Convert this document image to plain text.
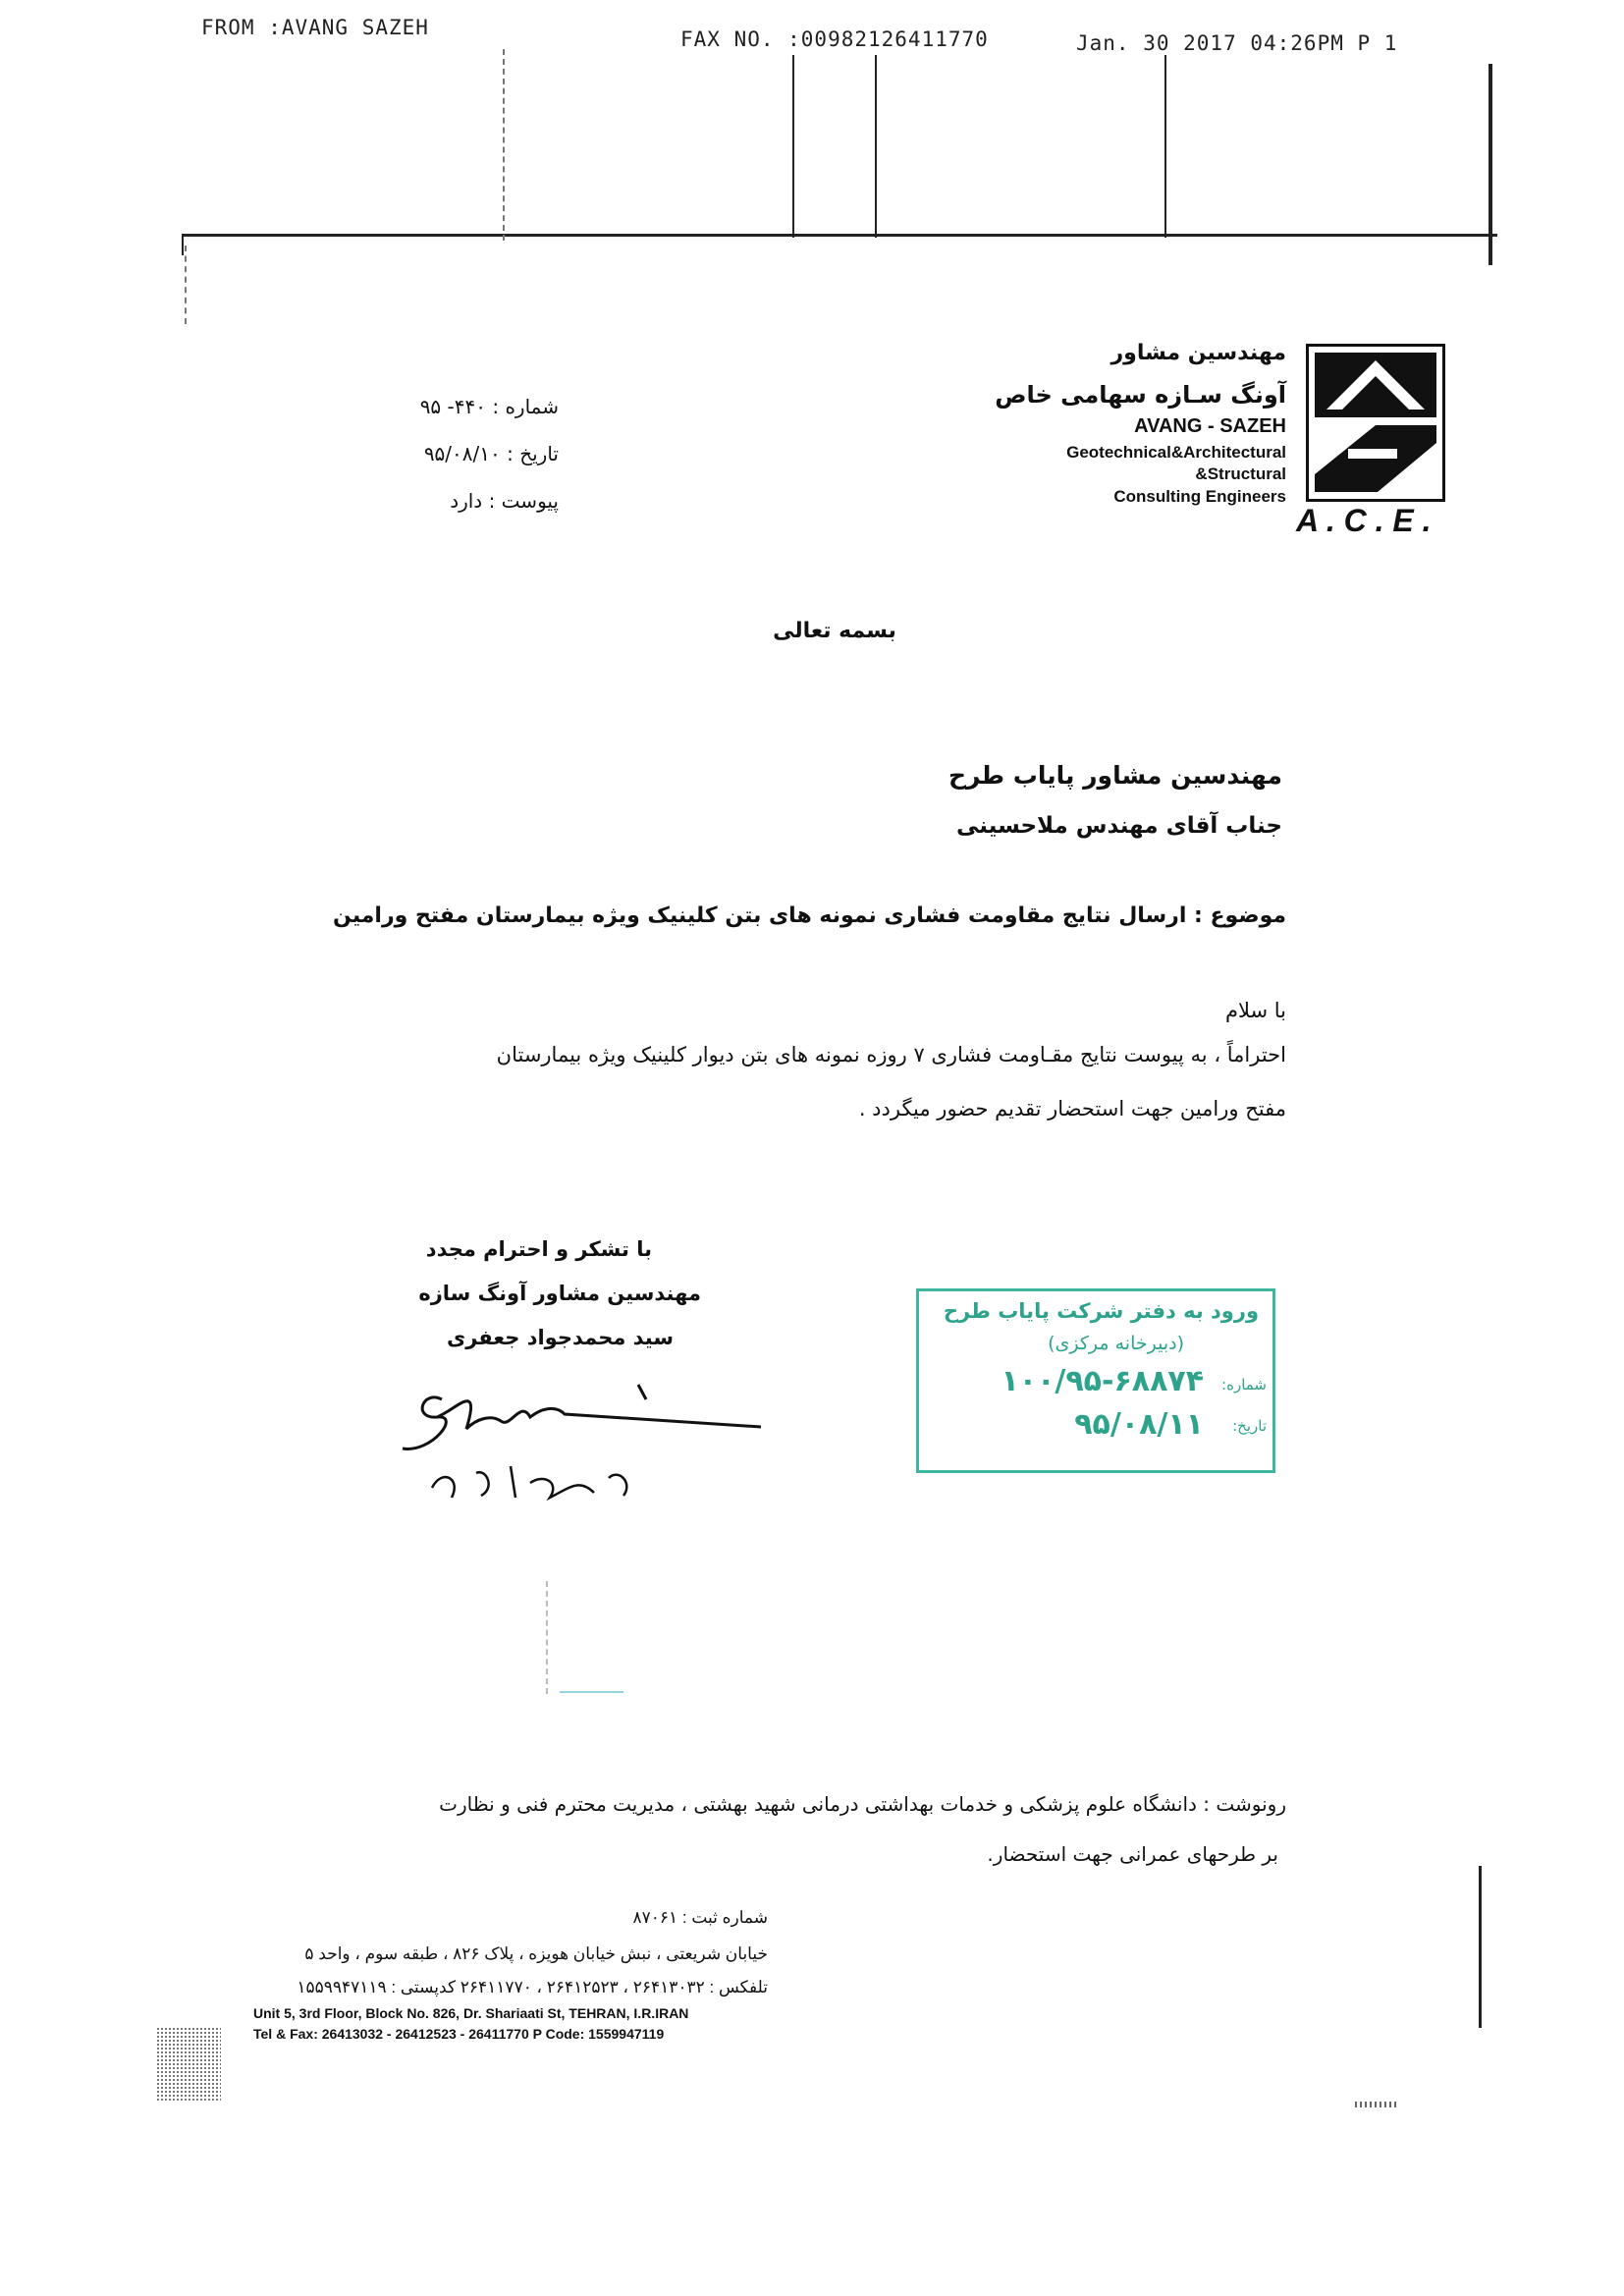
FROM :AVANG SAZEH	FAX NO. :00982126411770	Jan. 30 2017 04:26PM P 1
مهندسین مشاور
آونگ سـازه سهامی خاص
AVANG - SAZEH
Geotechnical&Architectural
&Structural
Consulting Engineers
A . C . E .
شماره : ۴۴۰- ۹۵
تاریخ : ۹۵/۰۸/۱۰
پیوست : دارد
بسمه تعالی
مهندسین مشاور پایاب طرح
جناب آقای مهندس ملاحسینی
موضوع : ارسال نتایج مقاومت فشاری نمونه های بتن کلینیک ویژه بیمارستان مفتح ورامین
با سلام
احتراماً ، به پیوست نتایج مقـاومت فشاری ۷ روزه نمونه های بتن دیوار کلینیک ویژه بیمارستان
مفتح ورامین جهت استحضار تقدیم حضور میگردد .
با تشکر و احترام مجدد
مهندسین مشاور آونگ سازه
سید محمدجواد جعفری
ورود به دفتر شرکت پایاب طرح
(دبیرخانه مرکزی)
شماره:
۱۰۰/۹۵-۶۸۸۷۴
تاریخ:
۹۵/۰۸/۱۱
رونوشت : دانشگاه علوم پزشکی و خدمات بهداشتی درمانی شهید بهشتی ، مدیریت محترم فنی و نظارت
بر طرحهای عمرانی جهت استحضار.
شماره ثبت : ۸۷۰۶۱
خیابان شریعتی ، نبش خیابان هویزه ، پلاک ۸۲۶ ، طبقه سوم ، واحد ۵
تلفکس : ۲۶۴۱۳۰۳۲ ، ۲۶۴۱۲۵۲۳ ، ۲۶۴۱۱۷۷۰ کدپستی : ۱۵۵۹۹۴۷۱۱۹
Unit 5, 3rd Floor, Block No. 826, Dr. Shariaati St, TEHRAN, I.R.IRAN
Tel & Fax: 26413032 - 26412523 - 26411770 P Code: 1559947119
